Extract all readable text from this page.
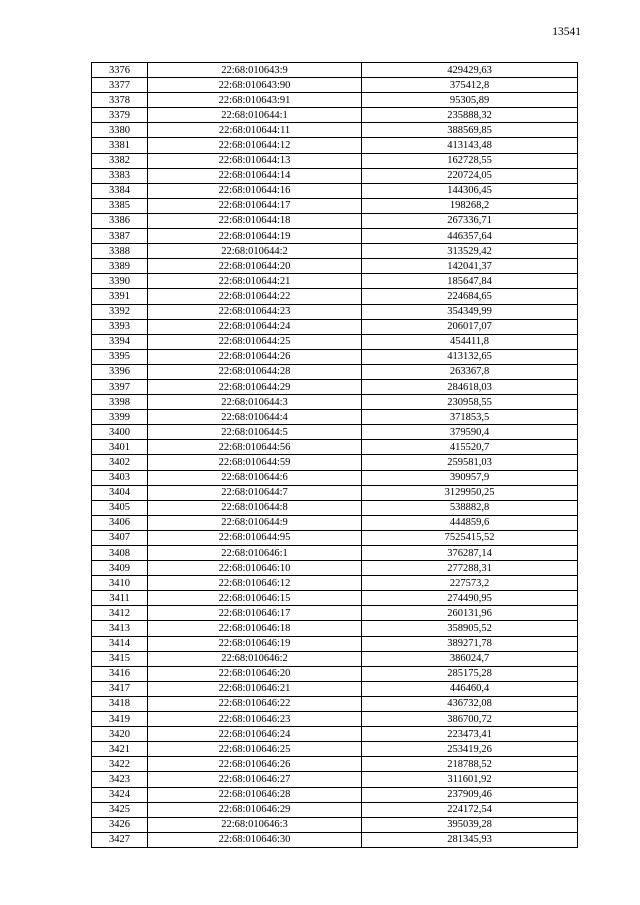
13541
3376	22:68:010643:9	429429,63
3377	22:68:010643:90	375412,8
3378	22:68:010643:91	95305,89
3379	22:68:010644:1	235888,32
3380	22:68:010644:11	388569,85
3381	22:68:010644:12	413143,48
3382	22:68:010644:13	162728,55
3383	22:68:010644:14	220724,05
3384	22:68:010644:16	144306,45
3385	22:68:010644:17	198268,2
3386	22:68:010644:18	267336,71
3387	22:68:010644:19	446357,64
3388	22:68:010644:2	313529,42
3389	22:68:010644:20	142041,37
3390	22:68:010644:21	185647,84
3391	22:68:010644:22	224684,65
3392	22:68:010644:23	354349,99
3393	22:68:010644:24	206017,07
3394	22:68:010644:25	454411,8
3395	22:68:010644:26	413132,65
3396	22:68:010644:28	263367,8
3397	22:68:010644:29	284618,03
3398	22:68:010644:3	230958,55
3399	22:68:010644:4	371853,5
3400	22:68:010644:5	379590,4
3401	22:68:010644:56	415520,7
3402	22:68:010644:59	259581,03
3403	22:68:010644:6	390957,9
3404	22:68:010644:7	3129950,25
3405	22:68:010644:8	538882,8
3406	22:68:010644:9	444859,6
3407	22:68:010644:95	7525415,52
3408	22:68:010646:1	376287,14
3409	22:68:010646:10	277288,31
3410	22:68:010646:12	227573,2
3411	22:68:010646:15	274490,95
3412	22:68:010646:17	260131,96
3413	22:68:010646:18	358905,52
3414	22:68:010646:19	389271,78
3415	22:68:010646:2	386024,7
3416	22:68:010646:20	285175,28
3417	22:68:010646:21	446460,4
3418	22:68:010646:22	436732,08
3419	22:68:010646:23	386700,72
3420	22:68:010646:24	223473,41
3421	22:68:010646:25	253419,26
3422	22:68:010646:26	218788,52
3423	22:68:010646:27	311601,92
3424	22:68:010646:28	237909,46
3425	22:68:010646:29	224172,54
3426	22:68:010646:3	395039,28
3427	22:68:010646:30	281345,93
